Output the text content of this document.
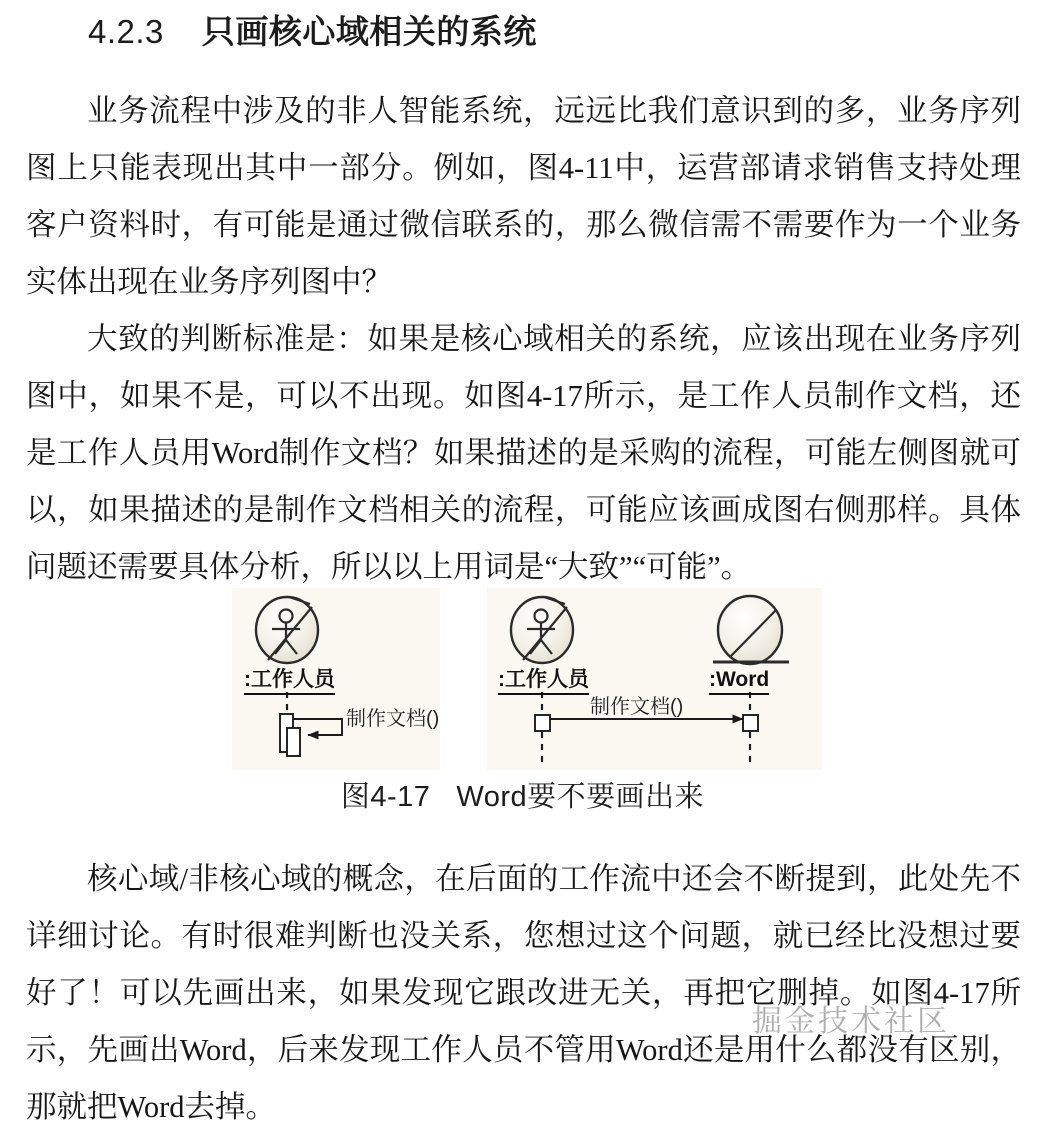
4.2.3 只画核心域相关的系统

业务流程中涉及的非人智能系统，远远比我们意识到的多，业务序列图上只能表现出其中一部分。例如，图4-11中，运营部请求销售支持处理客户资料时，有可能是通过微信联系的，那么微信需不需要作为一个业务实体出现在业务序列图中？

大致的判断标准是：如果是核心域相关的系统，应该出现在业务序列图中，如果不是，可以不出现。如图4-17所示，是工作人员制作文档，还是工作人员用Word制作文档？如果描述的是采购的流程，可能左侧图就可以，如果描述的是制作文档相关的流程，可能应该画成图右侧那样。具体问题还需要具体分析，所以以上用词是“大致”“可能”。

:工作人员
制作文档()
:工作人员	:Word
制作文档()
图4-17 Word要不要画出来

核心域/非核心域的概念，在后面的工作流中还会不断提到，此处先不详细讨论。有时很难判断也没关系，您想过这个问题，就已经比没想过要好了！可以先画出来，如果发现它跟改进无关，再把它删掉。如图4-17所示，先画出Word，后来发现工作人员不管用Word还是用什么都没有区别，那就把Word去掉。

掘金技术社区
